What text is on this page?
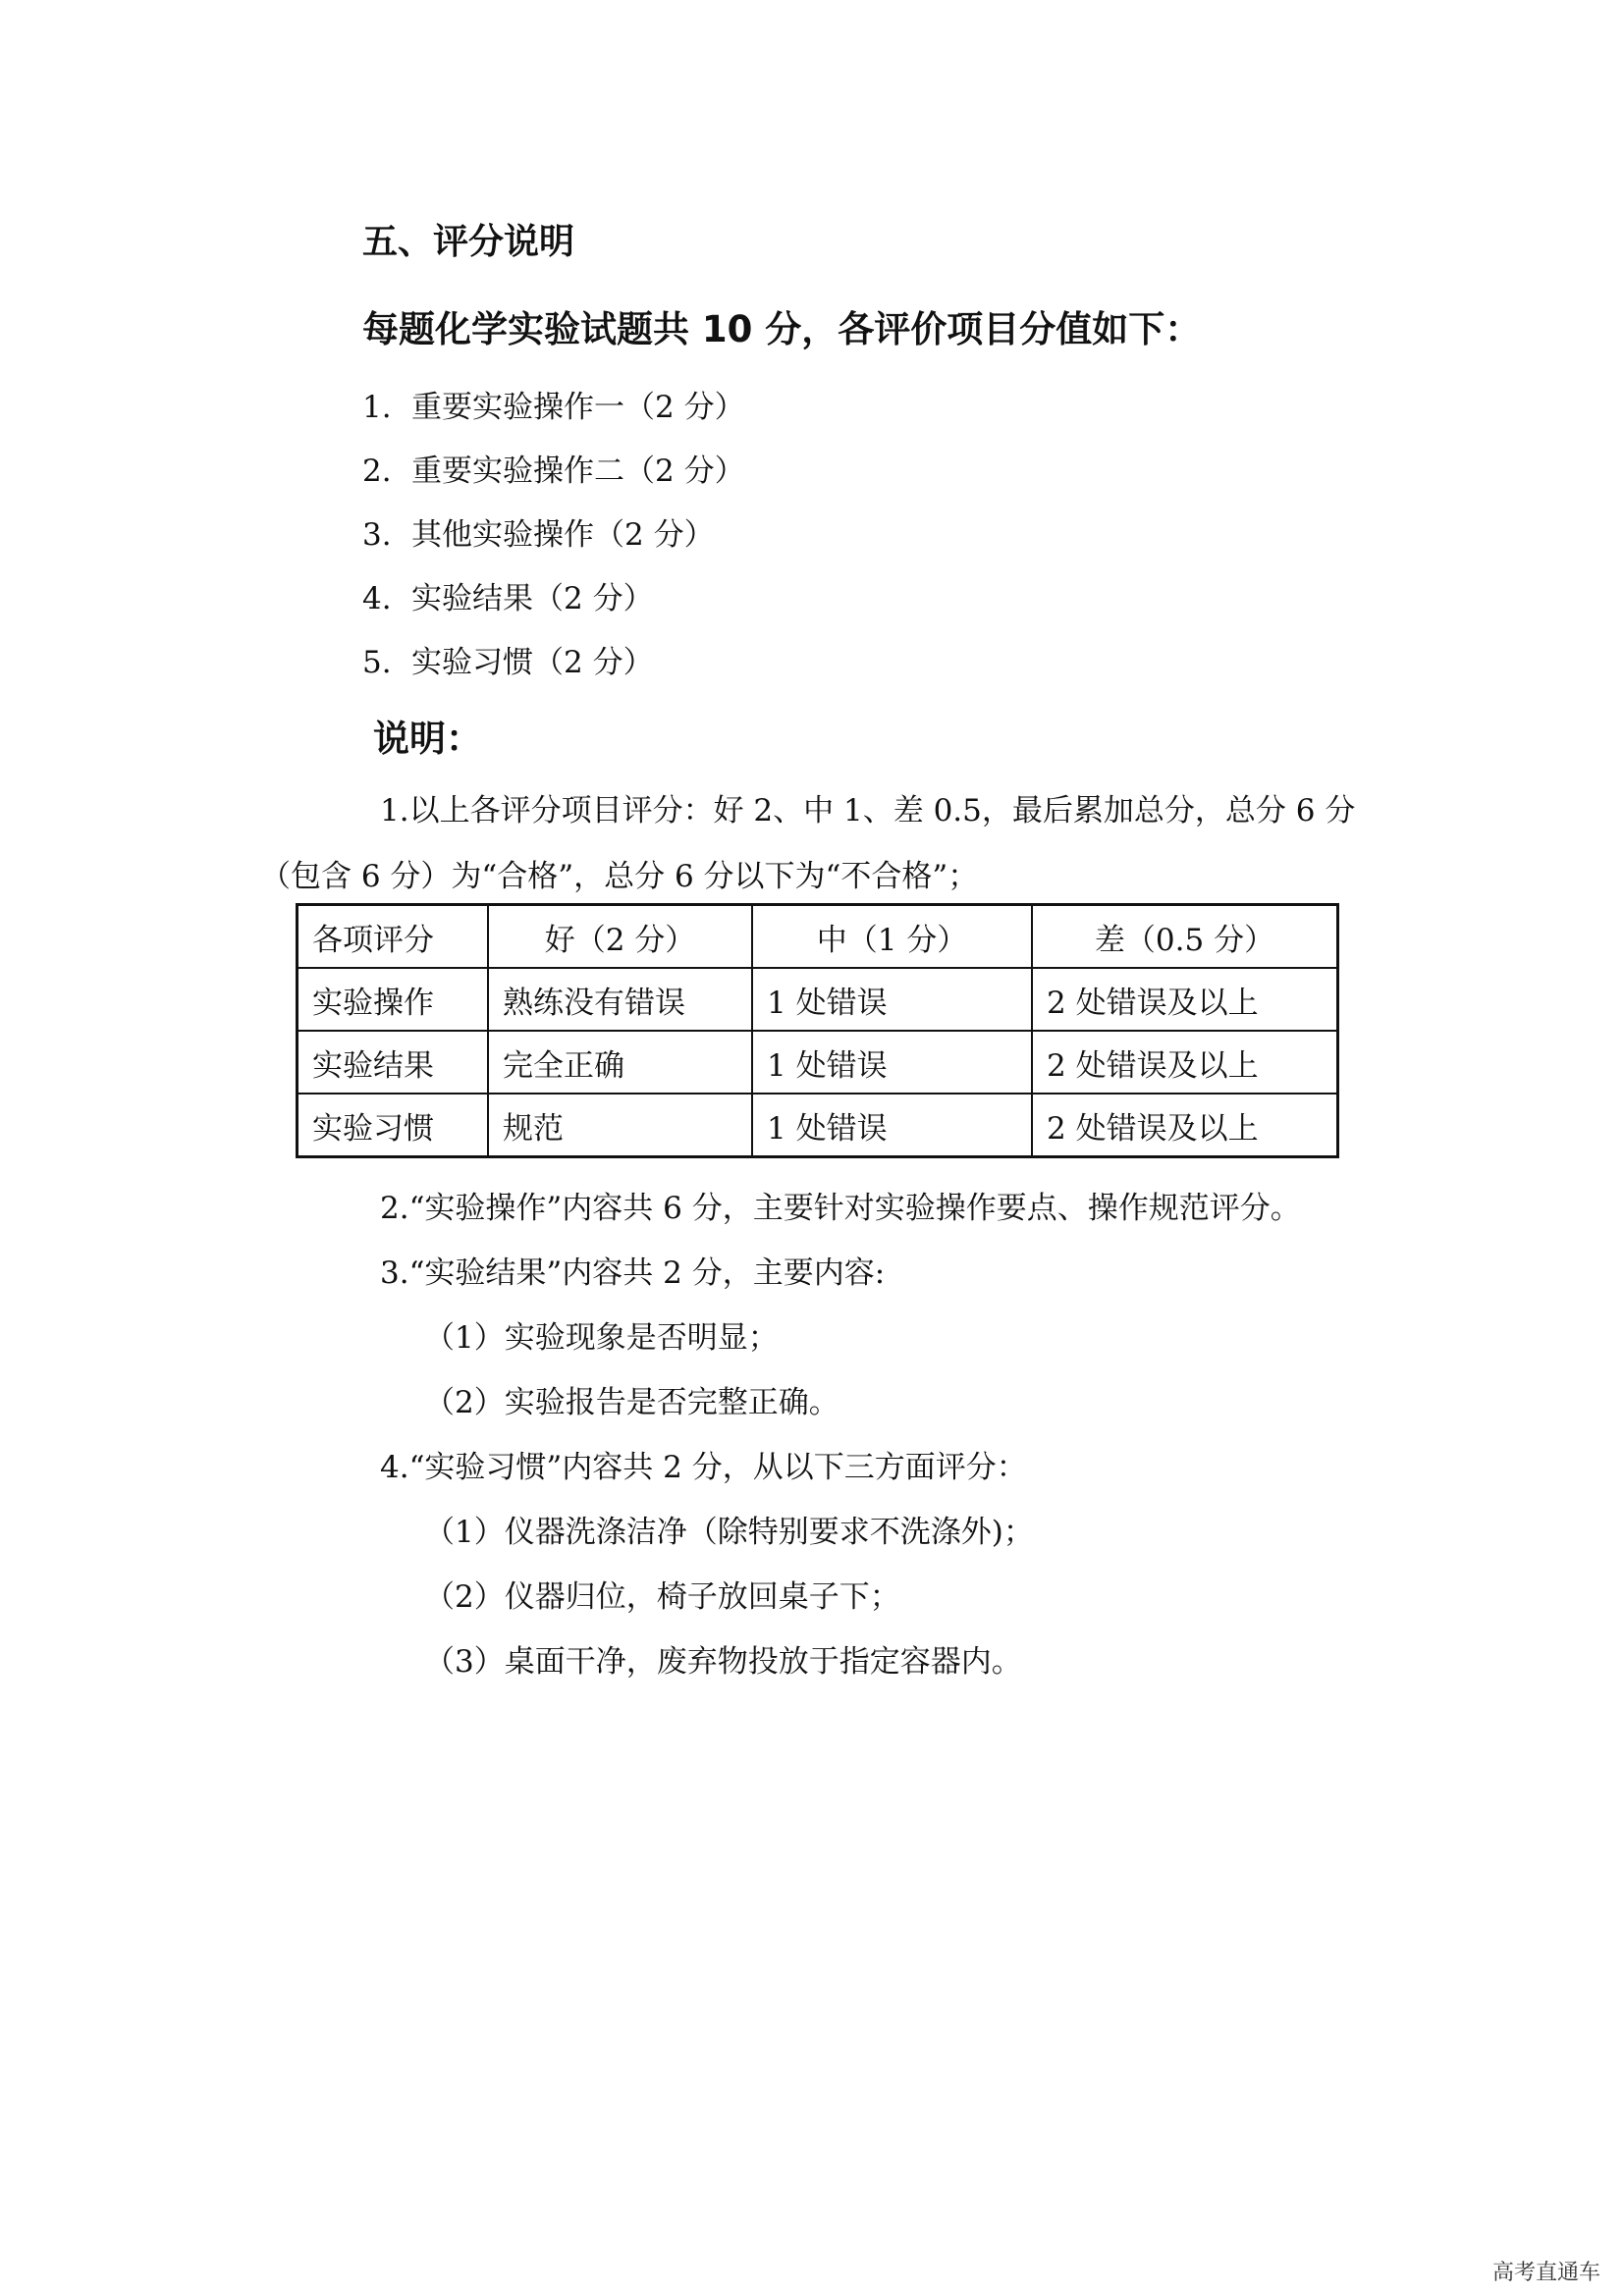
五、评分说明
每题化学实验试题共 10 分，各评价项目分值如下：
1. 重要实验操作一（2 分）
2. 重要实验操作二（2 分）
3. 其他实验操作（2 分）
4. 实验结果（2 分）
5. 实验习惯（2 分）
说明：
1.以上各评分项目评分：好 2、中 1、差 0.5，最后累加总分，总分 6 分
（包含 6 分）为“合格”，总分 6 分以下为“不合格”；
各项评分	好（2 分）	中（1 分）	差（0.5 分）
实验操作	熟练没有错误	1 处错误	2 处错误及以上
实验结果	完全正确	1 处错误	2 处错误及以上
实验习惯	规范	1 处错误	2 处错误及以上
2.“实验操作”内容共 6 分，主要针对实验操作要点、操作规范评分。
3.“实验结果”内容共 2 分，主要内容:
（1）实验现象是否明显；
（2）实验报告是否完整正确。
4.“实验习惯”内容共 2 分，从以下三方面评分：
（1）仪器洗涤洁净（除特别要求不洗涤外)；
（2）仪器归位，椅子放回桌子下；
（3）桌面干净，废弃物投放于指定容器内。
高考直通车
